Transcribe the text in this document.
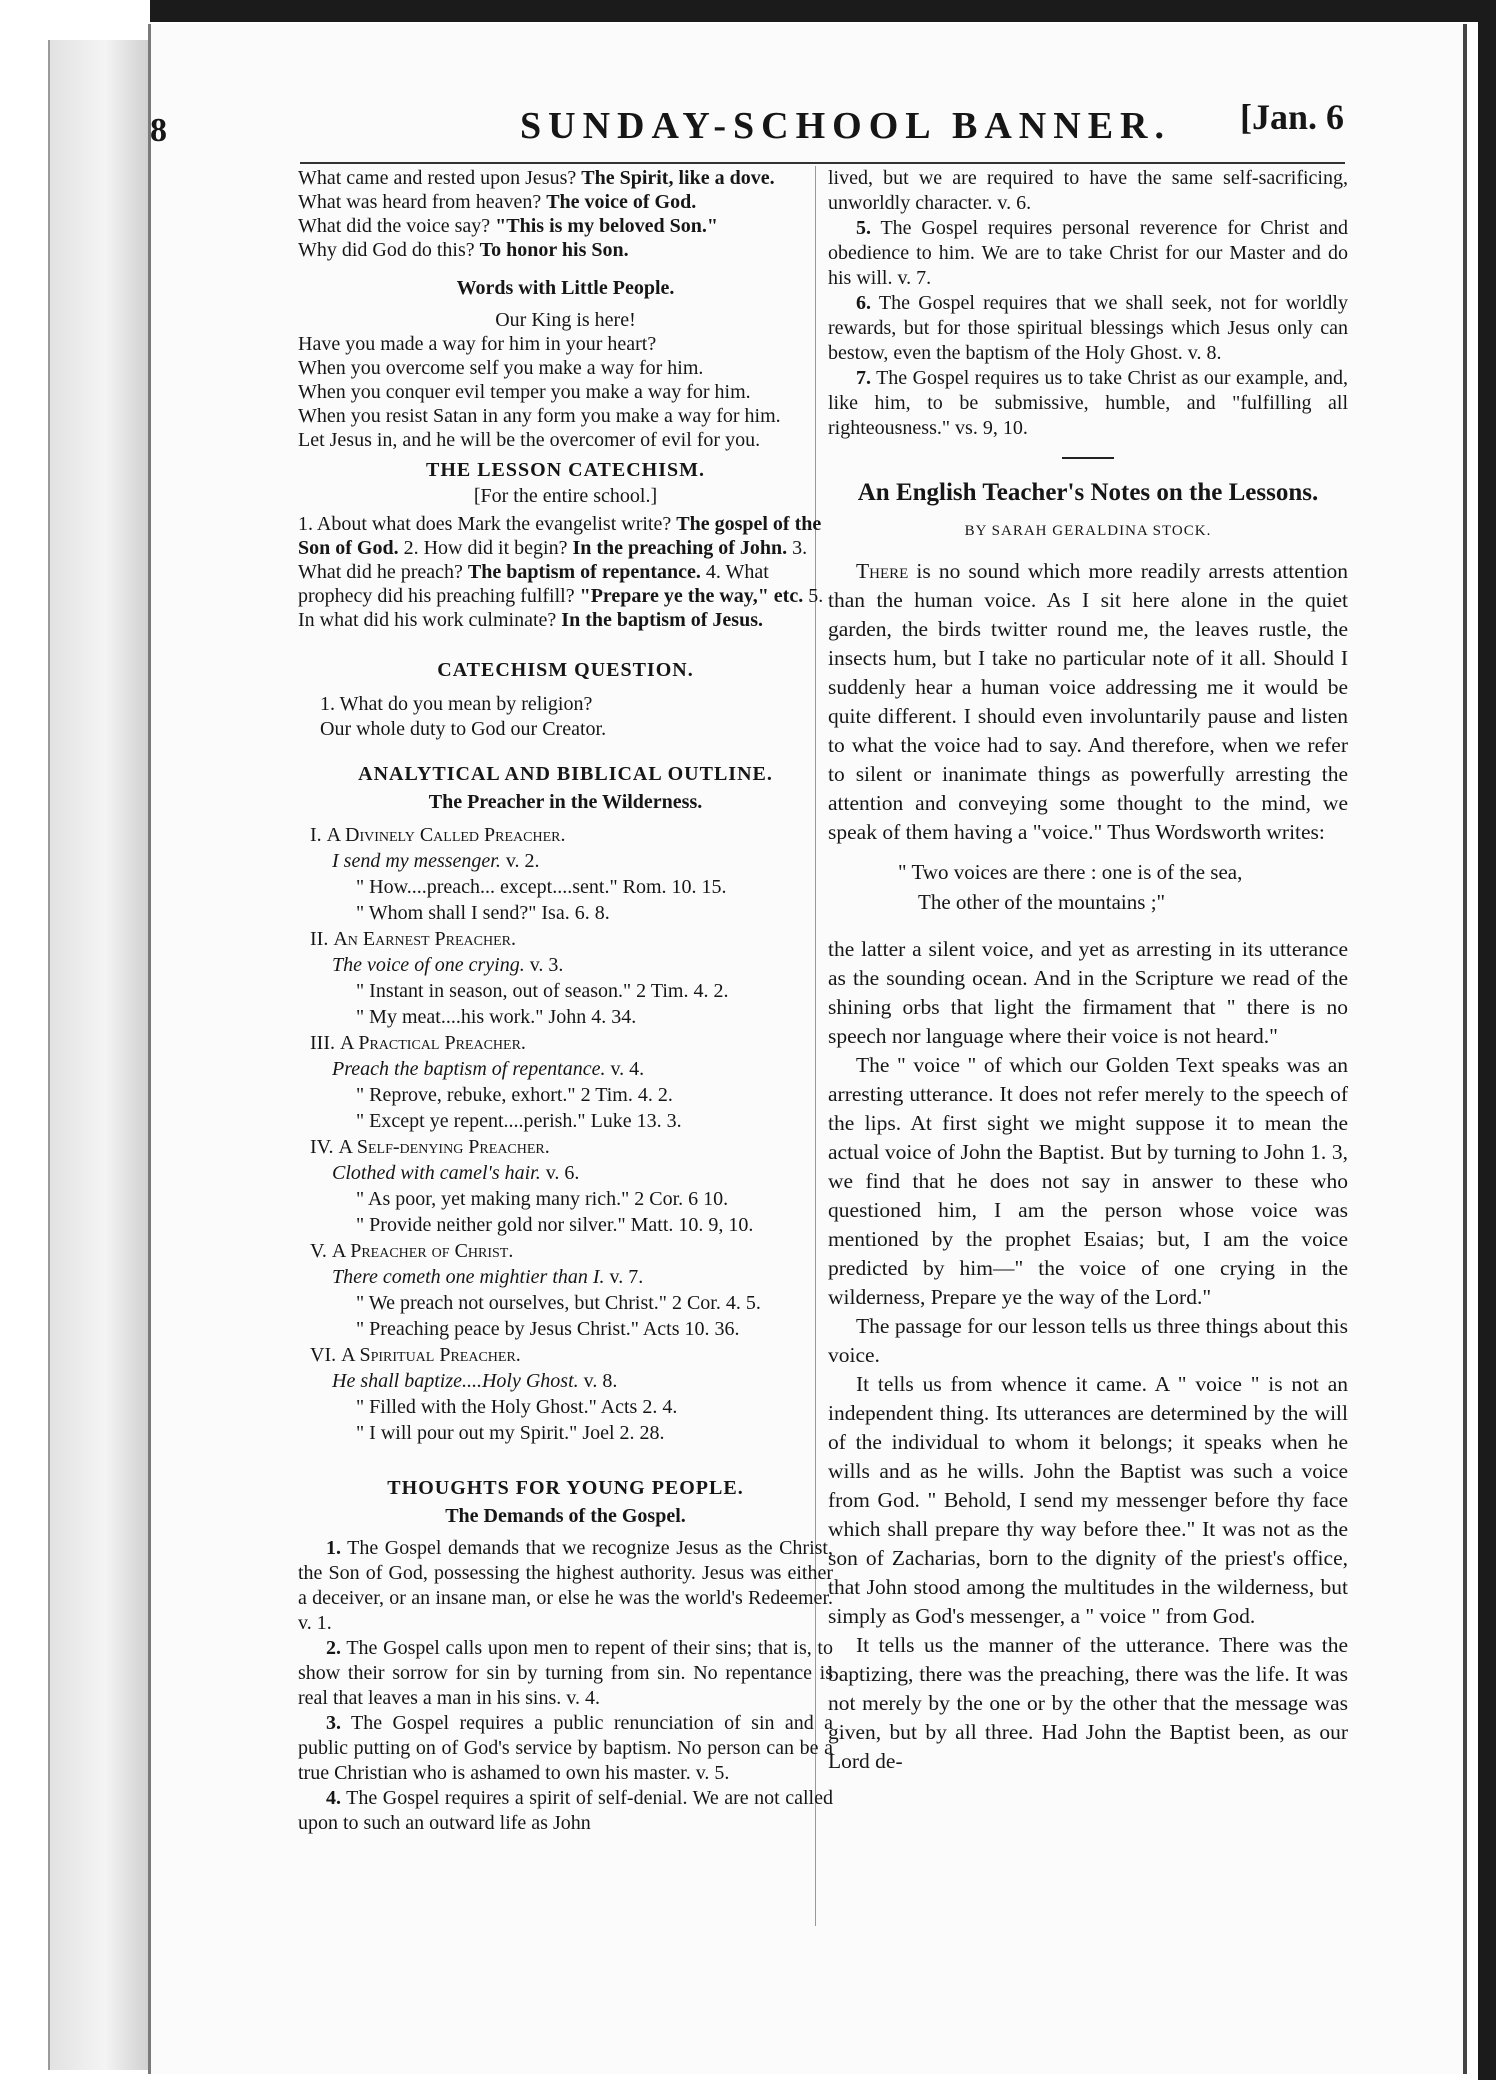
8	SUNDAY-SCHOOL BANNER. [Jan. 6

What came and rested upon Jesus? The Spirit, like a dove.

What was heard from heaven? The voice of God.

What did the voice say? "This is my beloved Son."

Why did God do this? To honor his Son.

Words with Little People.

Our King is here!

Have you made a way for him in your heart?

When you overcome self you make a way for him.

When you conquer evil temper you make a way for him.

When you resist Satan in any form you make a way for him.

Let Jesus in, and he will be the overcomer of evil for you.

THE LESSON CATECHISM.
[For the entire school.]

1. About what does Mark the evangelist write? The gospel of the Son of God. 2. How did it begin? In the preaching of John. 3. What did he preach? The baptism of repentance. 4. What prophecy did his preaching fulfill? "Prepare ye the way," etc. 5. In what did his work culminate? In the baptism of Jesus.

CATECHISM QUESTION.

1. What do you mean by religion?

Our whole duty to God our Creator.

ANALYTICAL AND BIBLICAL OUTLINE.
The Preacher in the Wilderness.

I. A Divinely Called Preacher.

I send my messenger. v. 2.

" How....preach... except....sent." Rom. 10. 15.

" Whom shall I send?" Isa. 6. 8.

II. An Earnest Preacher.

The voice of one crying. v. 3.

" Instant in season, out of season." 2 Tim. 4. 2.

" My meat....his work." John 4. 34.

III. A Practical Preacher.

Preach the baptism of repentance. v. 4.

" Reprove, rebuke, exhort." 2 Tim. 4. 2.

" Except ye repent....perish." Luke 13. 3.

IV. A Self-denying Preacher.

Clothed with camel's hair. v. 6.

" As poor, yet making many rich." 2 Cor. 6 10.

" Provide neither gold nor silver." Matt. 10. 9, 10.

V. A Preacher of Christ.

There cometh one mightier than I. v. 7.

" We preach not ourselves, but Christ." 2 Cor. 4. 5.

" Preaching peace by Jesus Christ." Acts 10. 36.

VI. A Spiritual Preacher.

He shall baptize....Holy Ghost. v. 8.

" Filled with the Holy Ghost." Acts 2. 4.

" I will pour out my Spirit." Joel 2. 28.

THOUGHTS FOR YOUNG PEOPLE.
The Demands of the Gospel.

1. The Gospel demands that we recognize Jesus as the Christ, the Son of God, possessing the highest authority. Jesus was either a deceiver, or an insane man, or else he was the world's Redeemer. v. 1.

2. The Gospel calls upon men to repent of their sins; that is, to show their sorrow for sin by turning from sin. No repentance is real that leaves a man in his sins. v. 4.

3. The Gospel requires a public renunciation of sin and a public putting on of God's service by baptism. No person can be a true Christian who is ashamed to own his master. v. 5.

4. The Gospel requires a spirit of self-denial. We are not called upon to such an outward life as John

lived, but we are required to have the same self-sacrificing, unworldly character. v. 6.

5. The Gospel requires personal reverence for Christ and obedience to him. We are to take Christ for our Master and do his will. v. 7.

6. The Gospel requires that we shall seek, not for worldly rewards, but for those spiritual blessings which Jesus only can bestow, even the baptism of the Holy Ghost. v. 8.

7. The Gospel requires us to take Christ as our example, and, like him, to be submissive, humble, and "fulfilling all righteousness." vs. 9, 10.

An English Teacher's Notes on the Lessons.
BY SARAH GERALDINA STOCK.

There is no sound which more readily arrests attention than the human voice. As I sit here alone in the quiet garden, the birds twitter round me, the leaves rustle, the insects hum, but I take no particular note of it all. Should I suddenly hear a human voice addressing me it would be quite different. I should even involuntarily pause and listen to what the voice had to say. And therefore, when we refer to silent or inanimate things as powerfully arresting the attention and conveying some thought to the mind, we speak of them having a "voice." Thus Wordsworth writes:

" Two voices are there : one is of the sea,

The other of the mountains ;"

the latter a silent voice, and yet as arresting in its utterance as the sounding ocean. And in the Scripture we read of the shining orbs that light the firmament that " there is no speech nor language where their voice is not heard."

The " voice " of which our Golden Text speaks was an arresting utterance. It does not refer merely to the speech of the lips. At first sight we might suppose it to mean the actual voice of John the Baptist. But by turning to John 1. 3, we find that he does not say in answer to these who questioned him, I am the person whose voice was mentioned by the prophet Esaias; but, I am the voice predicted by him—" the voice of one crying in the wilderness, Prepare ye the way of the Lord."

The passage for our lesson tells us three things about this voice.

It tells us from whence it came. A " voice " is not an independent thing. Its utterances are determined by the will of the individual to whom it belongs; it speaks when he wills and as he wills. John the Baptist was such a voice from God. " Behold, I send my messenger before thy face which shall prepare thy way before thee." It was not as the son of Zacharias, born to the dignity of the priest's office, that John stood among the multitudes in the wilderness, but simply as God's messenger, a " voice " from God.

It tells us the manner of the utterance. There was the baptizing, there was the preaching, there was the life. It was not merely by the one or by the other that the message was given, but by all three. Had John the Baptist been, as our Lord de-
